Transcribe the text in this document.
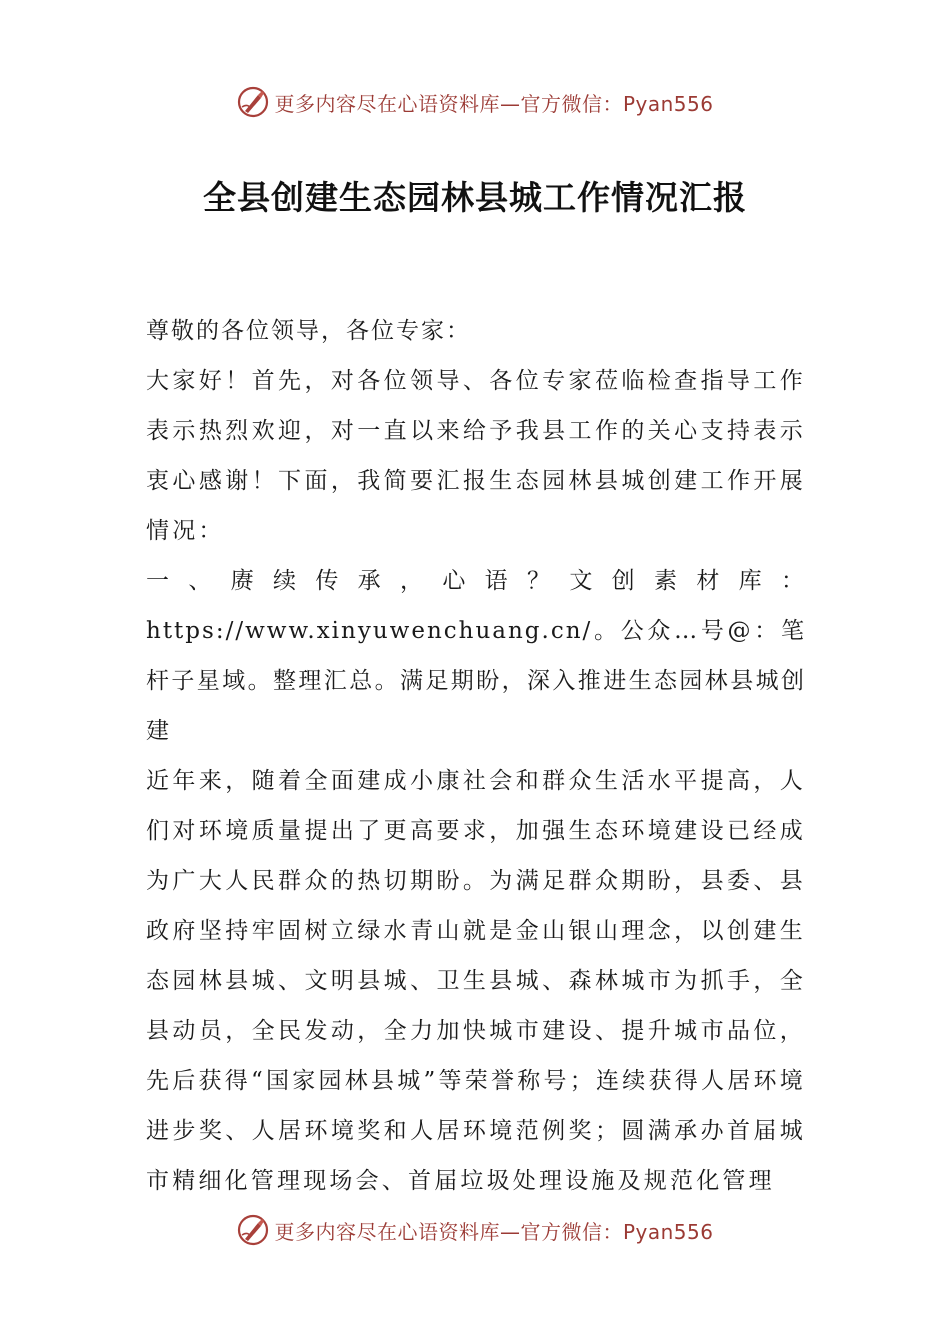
更多内容尽在心语资料库—官方微信：Pyan556
全县创建生态园林县城工作情况汇报

尊敬的各位领导，各位专家：

大家好！首先，对各位领导、各位专家莅临检查指导工作表示热烈欢迎，对一直以来给予我县工作的关心支持表示衷心感谢！下面，我简要汇报生态园林县城创建工作开展情况：

一、赓续传承，心语？文创素材库：https://www.xinyuwenchuang.cn/。公众…号@：笔杆子星域。整理汇总。满足期盼，深入推进生态园林县城创建

近年来，随着全面建成小康社会和群众生活水平提高，人们对环境质量提出了更高要求，加强生态环境建设已经成为广大人民群众的热切期盼。为满足群众期盼，县委、县政府坚持牢固树立绿水青山就是金山银山理念，以创建生态园林县城、文明县城、卫生县城、森林城市为抓手，全县动员，全民发动，全力加快城市建设、提升城市品位，先后获得“国家园林县城”等荣誉称号；连续获得人居环境进步奖、人居环境奖和人居环境范例奖；圆满承办首届城市精细化管理现场会、首届垃圾处理设施及规范化管理

更多内容尽在心语资料库—官方微信：Pyan556
